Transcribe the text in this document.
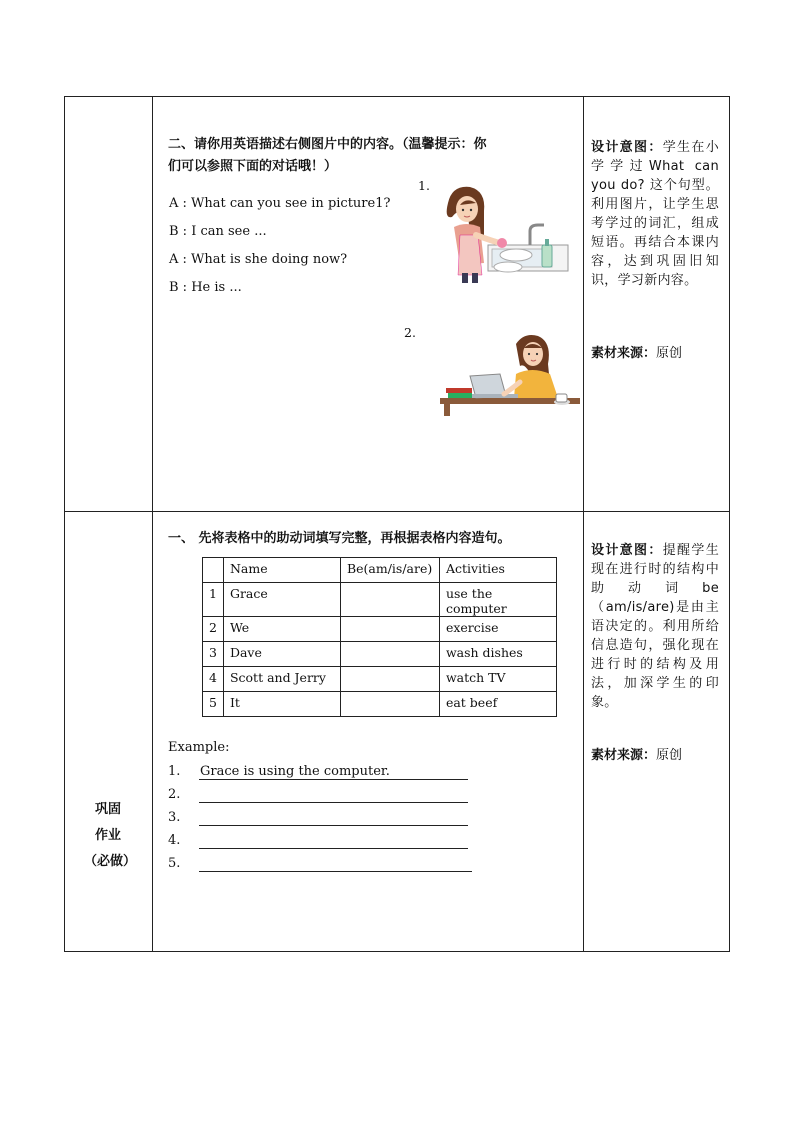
二、请你用英语描述右侧图片中的内容。（温馨提示：你
们可以参照下面的对话哦！）
1.
A : What can you see in picture1?
B : I can see ...
A : What is she doing now?
B : He is ...
2.
设计意图：学生在小学学过What can you do? 这个句型。利用图片，让学生思考学过的词汇，组成短语。再结合本课内容，达到巩固旧知识，学习新内容。
素材来源：原创
巩固
作业
（必做）
一、 先将表格中的助动词填写完整，再根据表格内容造句。
	Name	Be(am/is/are)	Activities
1	Grace		use the computer
2	We		exercise
3	Dave		wash dishes
4	Scott and Jerry		watch TV
5	It		eat beef
Example:
1.
2.
3.
4.
5.
Grace is using the computer.
设计意图：提醒学生现在进行时的结构中助动词be（am/is/are)是由主语决定的。利用所给信息造句，强化现在进行时的结构及用法，加深学生的印象。
素材来源：原创
